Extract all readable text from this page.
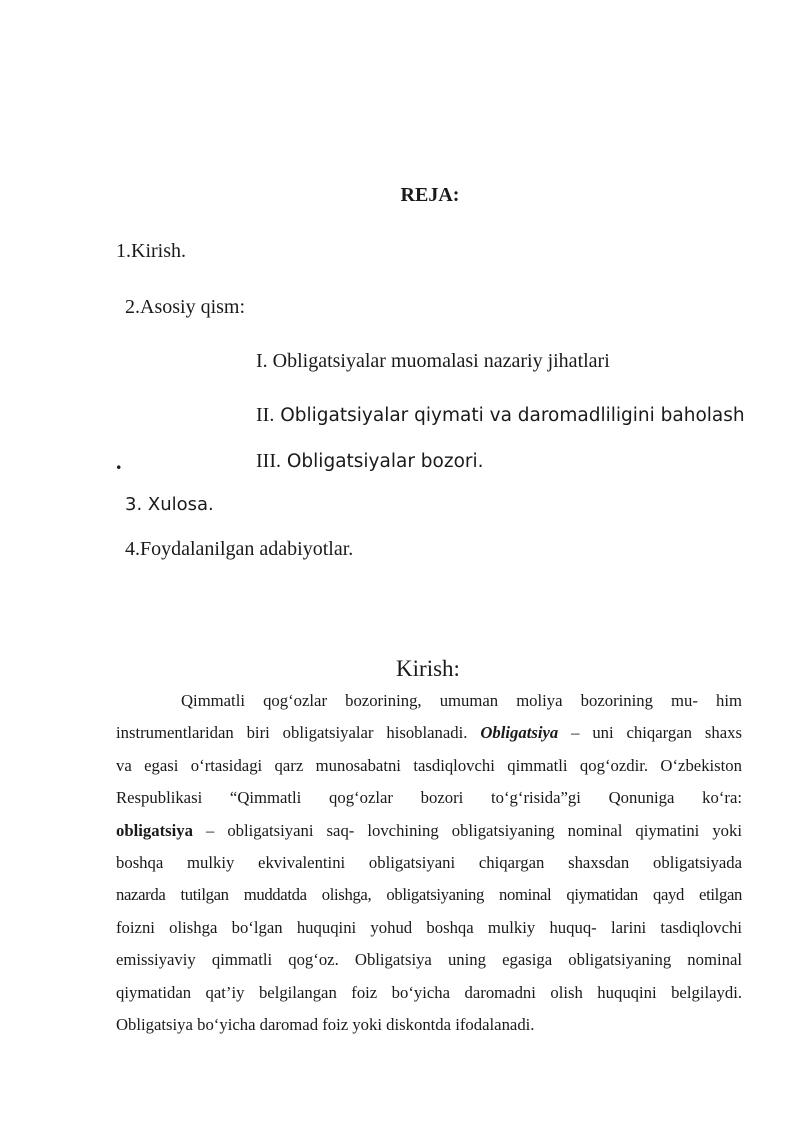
REJA:
1.Kirish.
2.Asosiy qism:
I. Obligatsiyalar muomalasi nazariy jihatlari
II. Obligatsiyalar qiymati va daromadliligini baholash
.	III. Obligatsiyalar bozori.
3. Xulosa.
4.Foydalanilgan adabiyotlar.
Kirish:
Qimmatli qog‘ozlar bozorining, umuman moliya bozorining mu- him
instrumentlaridan biri obligatsiyalar hisoblanadi. Obligatsiya – uni chiqargan shaxs
va egasi o‘rtasidagi qarz munosabatni tasdiqlovchi qimmatli qog‘ozdir. O‘zbekiston
Respublikasi “Qimmatli qog‘ozlar bozori to‘g‘risida”gi Qonuniga ko‘ra:
obligatsiya – obligatsiyani saq- lovchining obligatsiyaning nominal qiymatini yoki
boshqa mulkiy ekvivalentini obligatsiyani chiqargan shaxsdan obligatsiyada
nazarda tutilgan muddatda olishga, obligatsiyaning nominal qiymatidan qayd etilgan
foizni olishga bo‘lgan huquqini yohud boshqa mulkiy huquq- larini tasdiqlovchi
emissiyaviy qimmatli qog‘oz. Obligatsiya uning egasiga obligatsiyaning nominal
qiymatidan qat’iy belgilangan foiz bo‘yicha daromadni olish huquqini belgilaydi.
Obligatsiya bo‘yicha daromad foiz yoki diskontda ifodalanadi.
